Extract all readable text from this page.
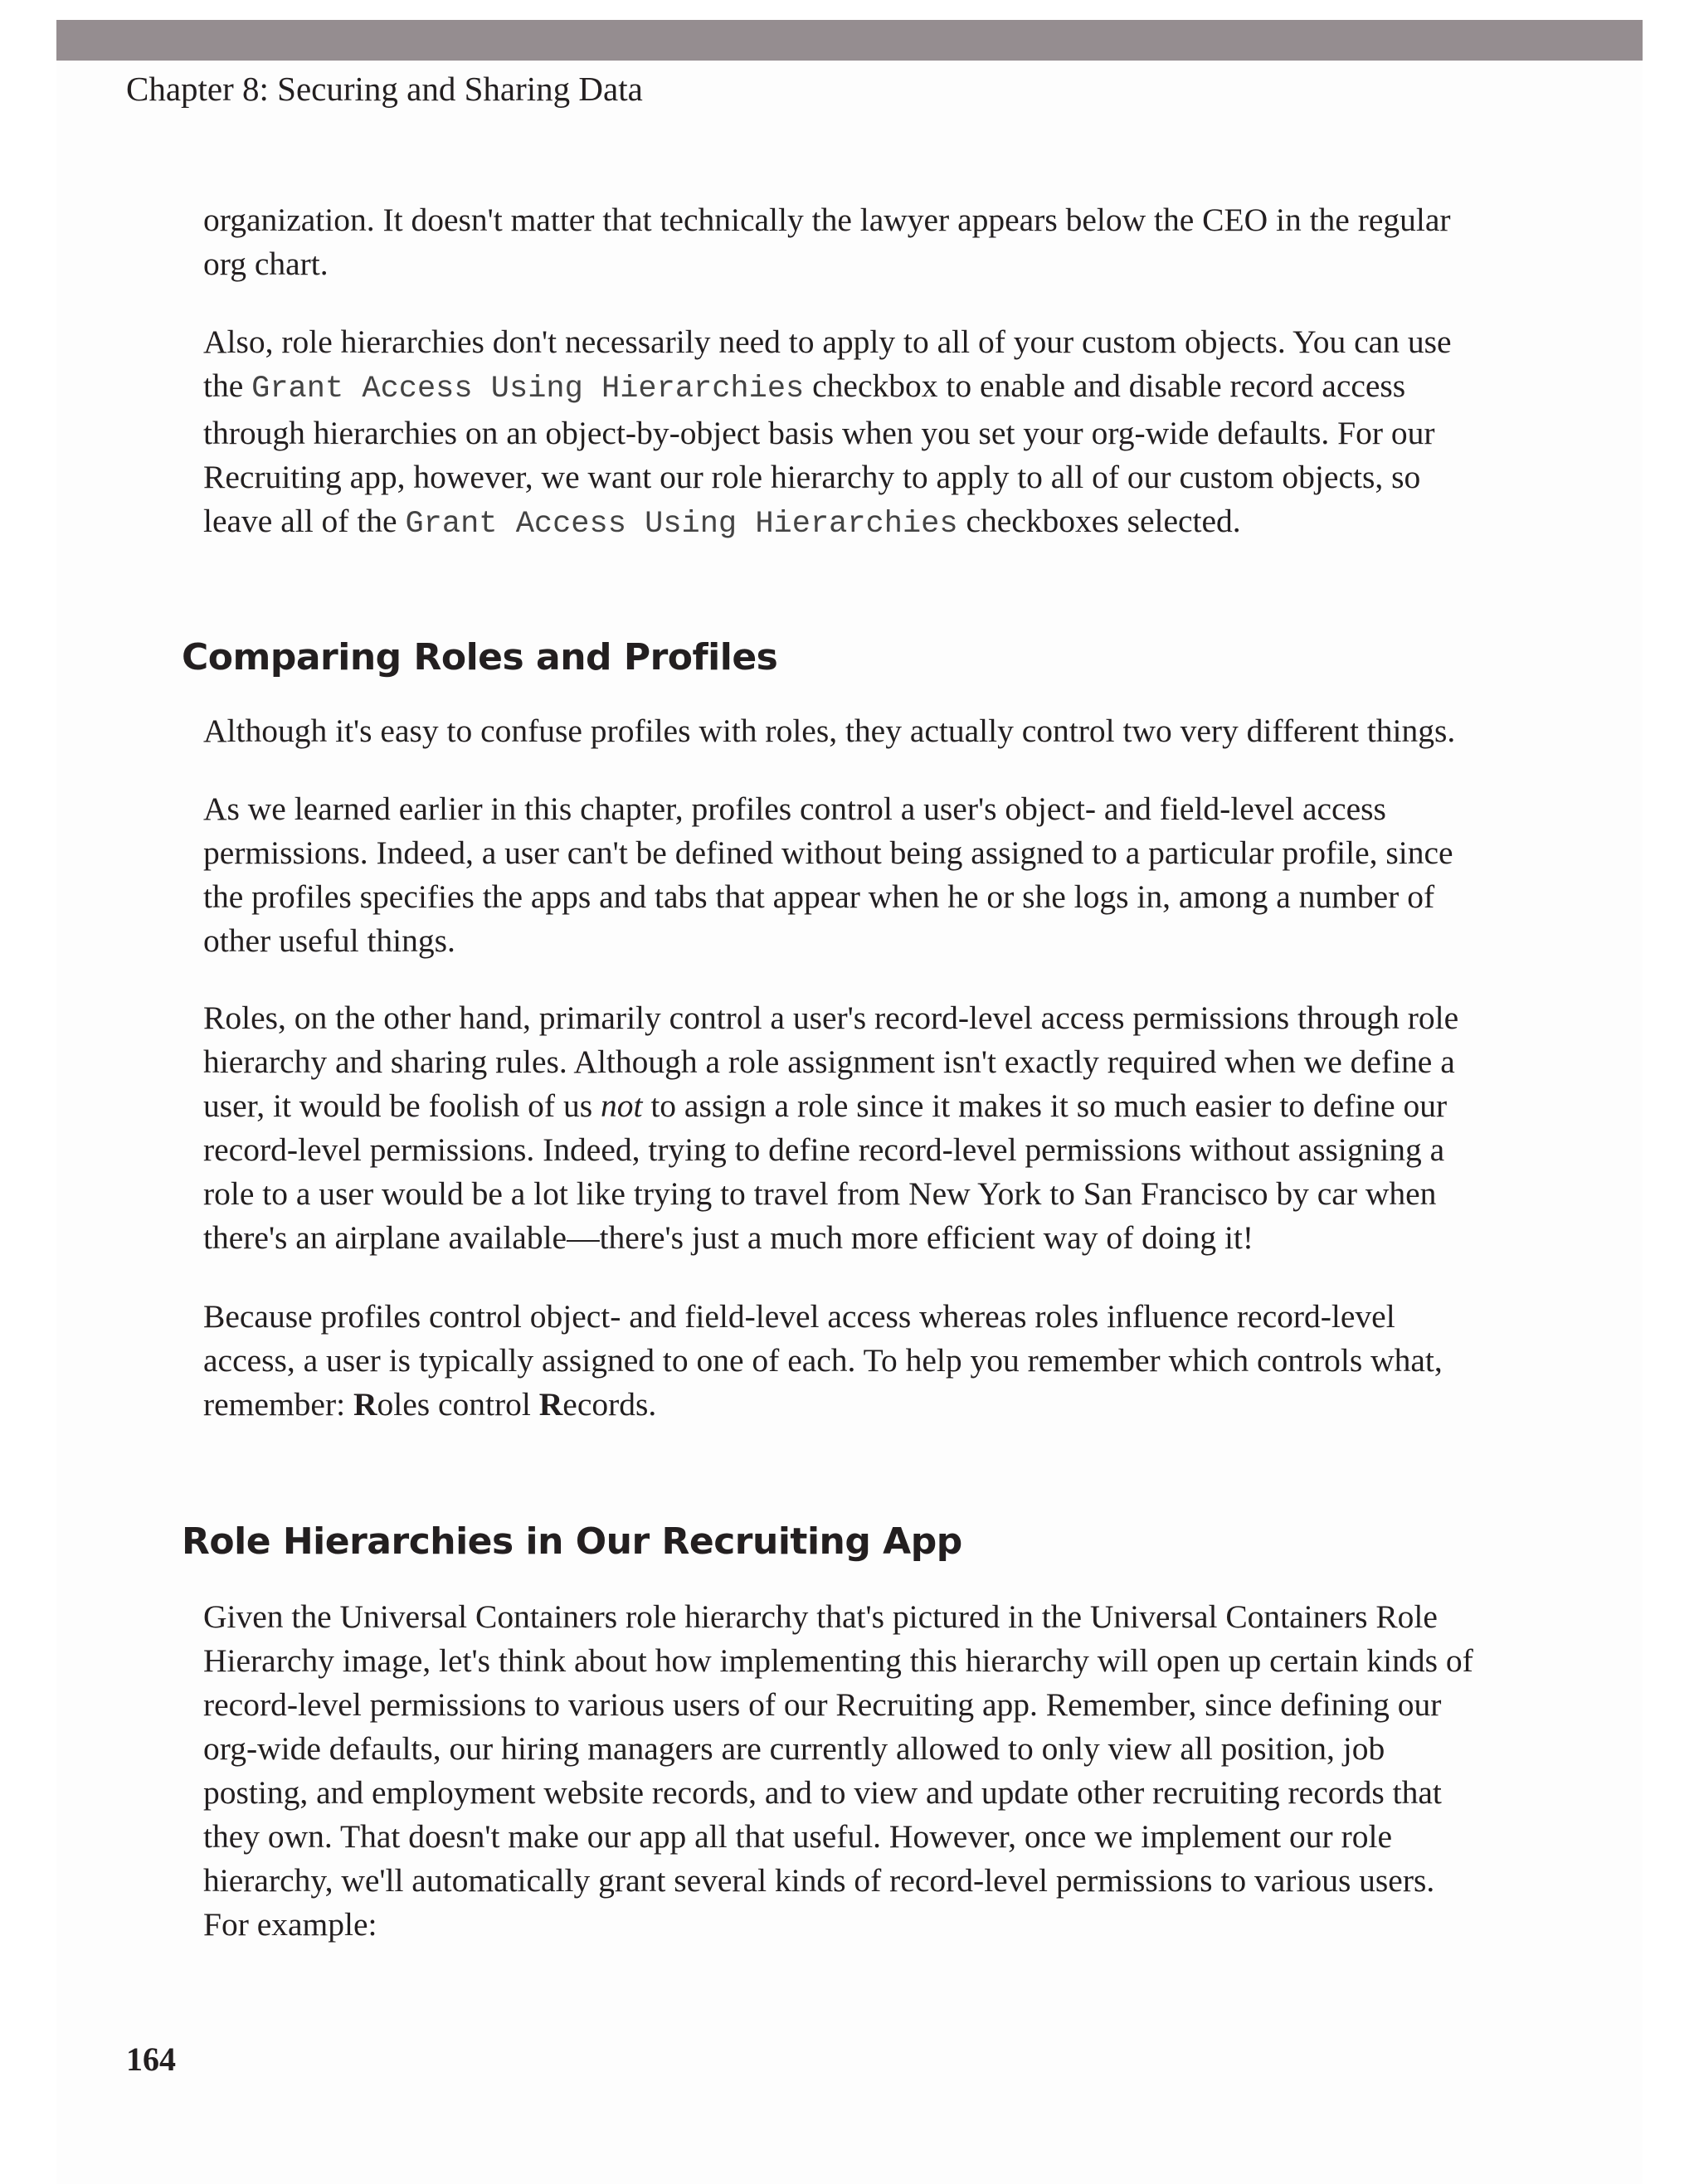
Chapter 8: Securing and Sharing Data

organization. It doesn't matter that technically the lawyer appears below the CEO in the regular org chart.

Also, role hierarchies don't necessarily need to apply to all of your custom objects. You can use the Grant Access Using Hierarchies checkbox to enable and disable record access through hierarchies on an object-by-object basis when you set your org-wide defaults. For our Recruiting app, however, we want our role hierarchy to apply to all of our custom objects, so leave all of the Grant Access Using Hierarchies checkboxes selected.

Comparing Roles and Profiles

Although it's easy to confuse profiles with roles, they actually control two very different things.

As we learned earlier in this chapter, profiles control a user's object- and field-level access permissions. Indeed, a user can't be defined without being assigned to a particular profile, since the profiles specifies the apps and tabs that appear when he or she logs in, among a number of other useful things.

Roles, on the other hand, primarily control a user's record-level access permissions through role hierarchy and sharing rules. Although a role assignment isn't exactly required when we define a user, it would be foolish of us not to assign a role since it makes it so much easier to define our record-level permissions. Indeed, trying to define record-level permissions without assigning a role to a user would be a lot like trying to travel from New York to San Francisco by car when there's an airplane available—there's just a much more efficient way of doing it!

Because profiles control object- and field-level access whereas roles influence record-level access, a user is typically assigned to one of each. To help you remember which controls what, remember: Roles control Records.

Role Hierarchies in Our Recruiting App

Given the Universal Containers role hierarchy that's pictured in the Universal Containers Role Hierarchy image, let's think about how implementing this hierarchy will open up certain kinds of record-level permissions to various users of our Recruiting app. Remember, since defining our org-wide defaults, our hiring managers are currently allowed to only view all position, job posting, and employment website records, and to view and update other recruiting records that they own. That doesn't make our app all that useful. However, once we implement our role hierarchy, we'll automatically grant several kinds of record-level permissions to various users. For example:

164
